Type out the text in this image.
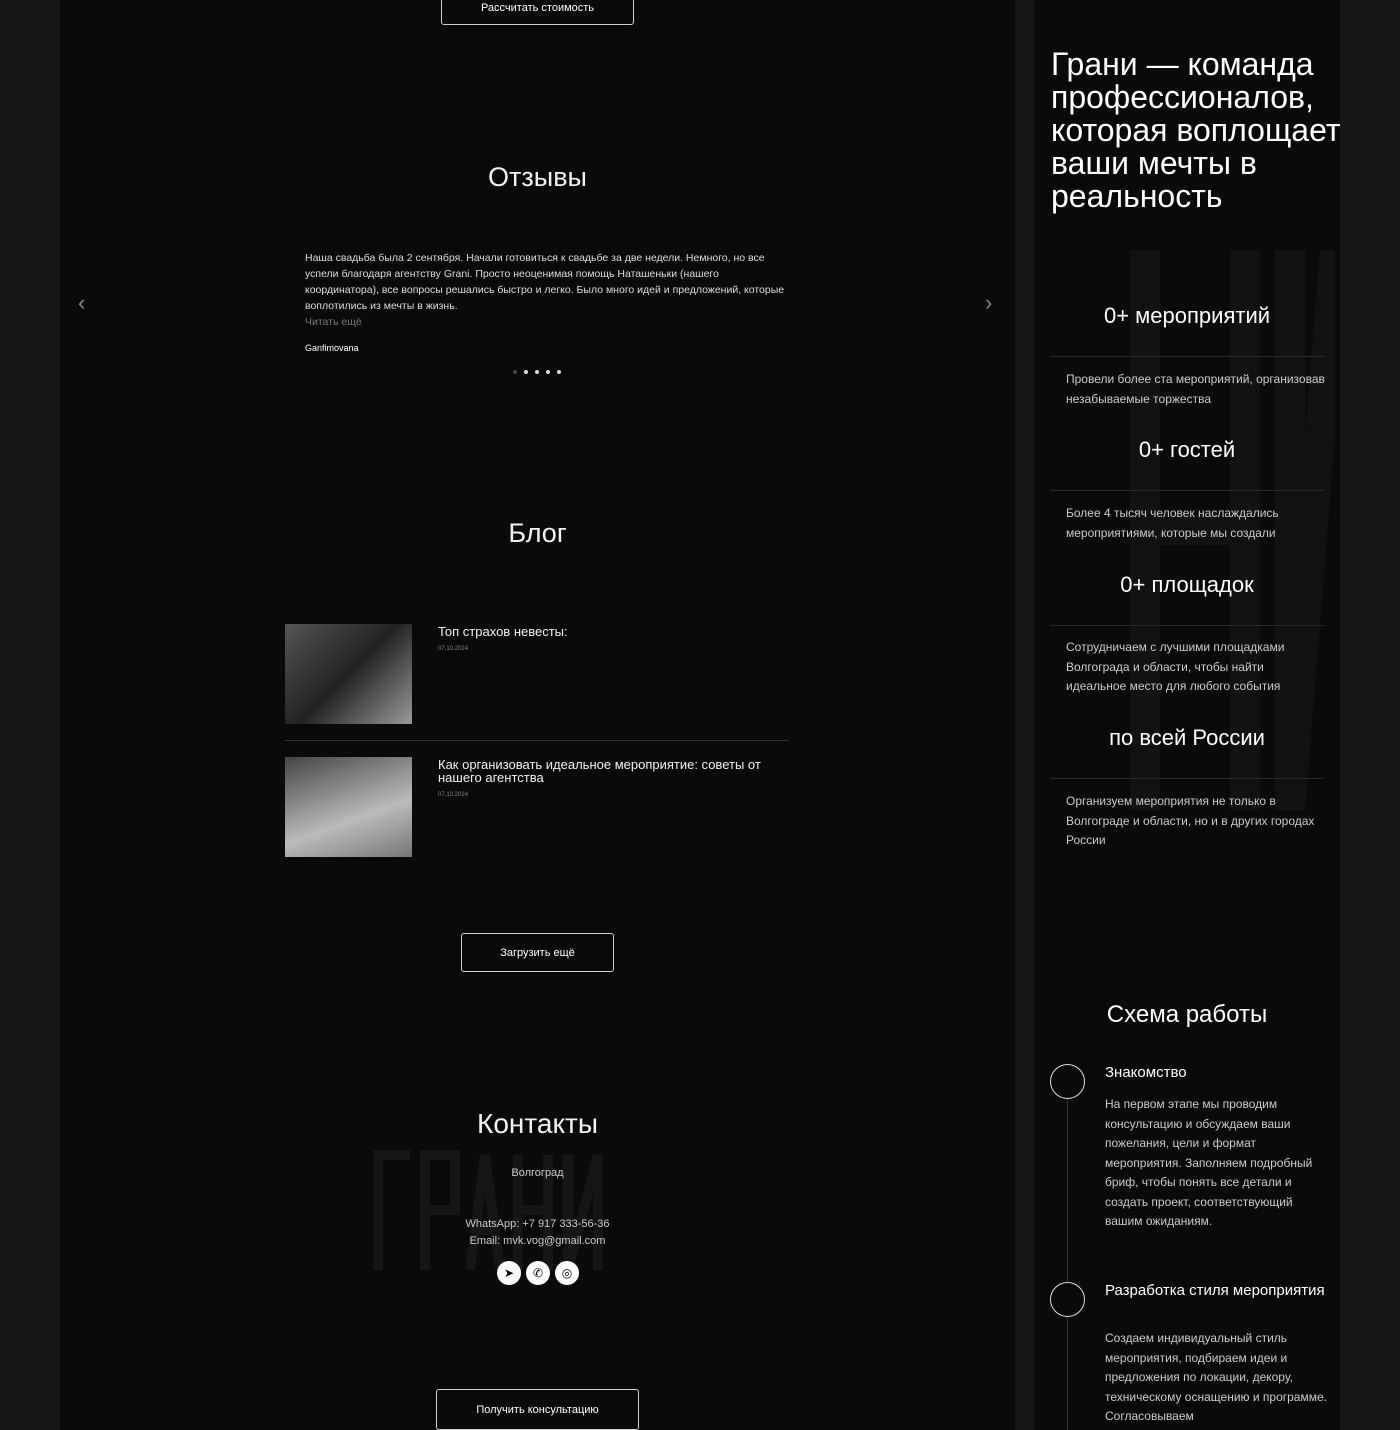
Рассчитать стоимость
Отзывы
‹	›
Наша свадьба была 2 сентября. Начали готовиться к свадьбе за две недели. Немного, но все успели благодаря агентству Grani. Просто неоценимая помощь Наташеньки (нашего координатора), все вопросы решались быстро и легко. Было много идей и предложений, которые воплотились из мечты в жизнь.
Читать ещё
Ganfimovana
Блог
Топ страхов невесты:
07.10.2024
Как организовать идеальное мероприятие: советы от нашего агентства
07.10.2024
Загрузить ещё
Контакты
Волгоград
WhatsApp: +7 917 333-56-36
Email: mvk.vog@gmail.com
➤	✆	◎
Получить консультацию
Грани — команда профессионалов, которая воплощает ваши мечты в реальность
0+ мероприятий
Провели более ста мероприятий, организовав незабываемые торжества
0+ гостей
Более 4 тысяч человек наслаждались мероприятиями, которые мы создали
0+ площадок
Сотрудничаем с лучшими площадками Волгограда и области, чтобы найти идеальное место для любого события
по всей России
Организуем мероприятия не только в Волгограде и области, но и в других городах России
Схема работы
Знакомство
На первом этапе мы проводим консультацию и обсуждаем ваши пожелания, цели и формат мероприятия. Заполняем подробный бриф, чтобы понять все детали и создать проект, соответствующий вашим ожиданиям.
Разработка стиля мероприятия
Создаем индивидуальный стиль мероприятия, подбираем идеи и предложения по локации, декору, техническому оснащению и программе. Согласовываем
